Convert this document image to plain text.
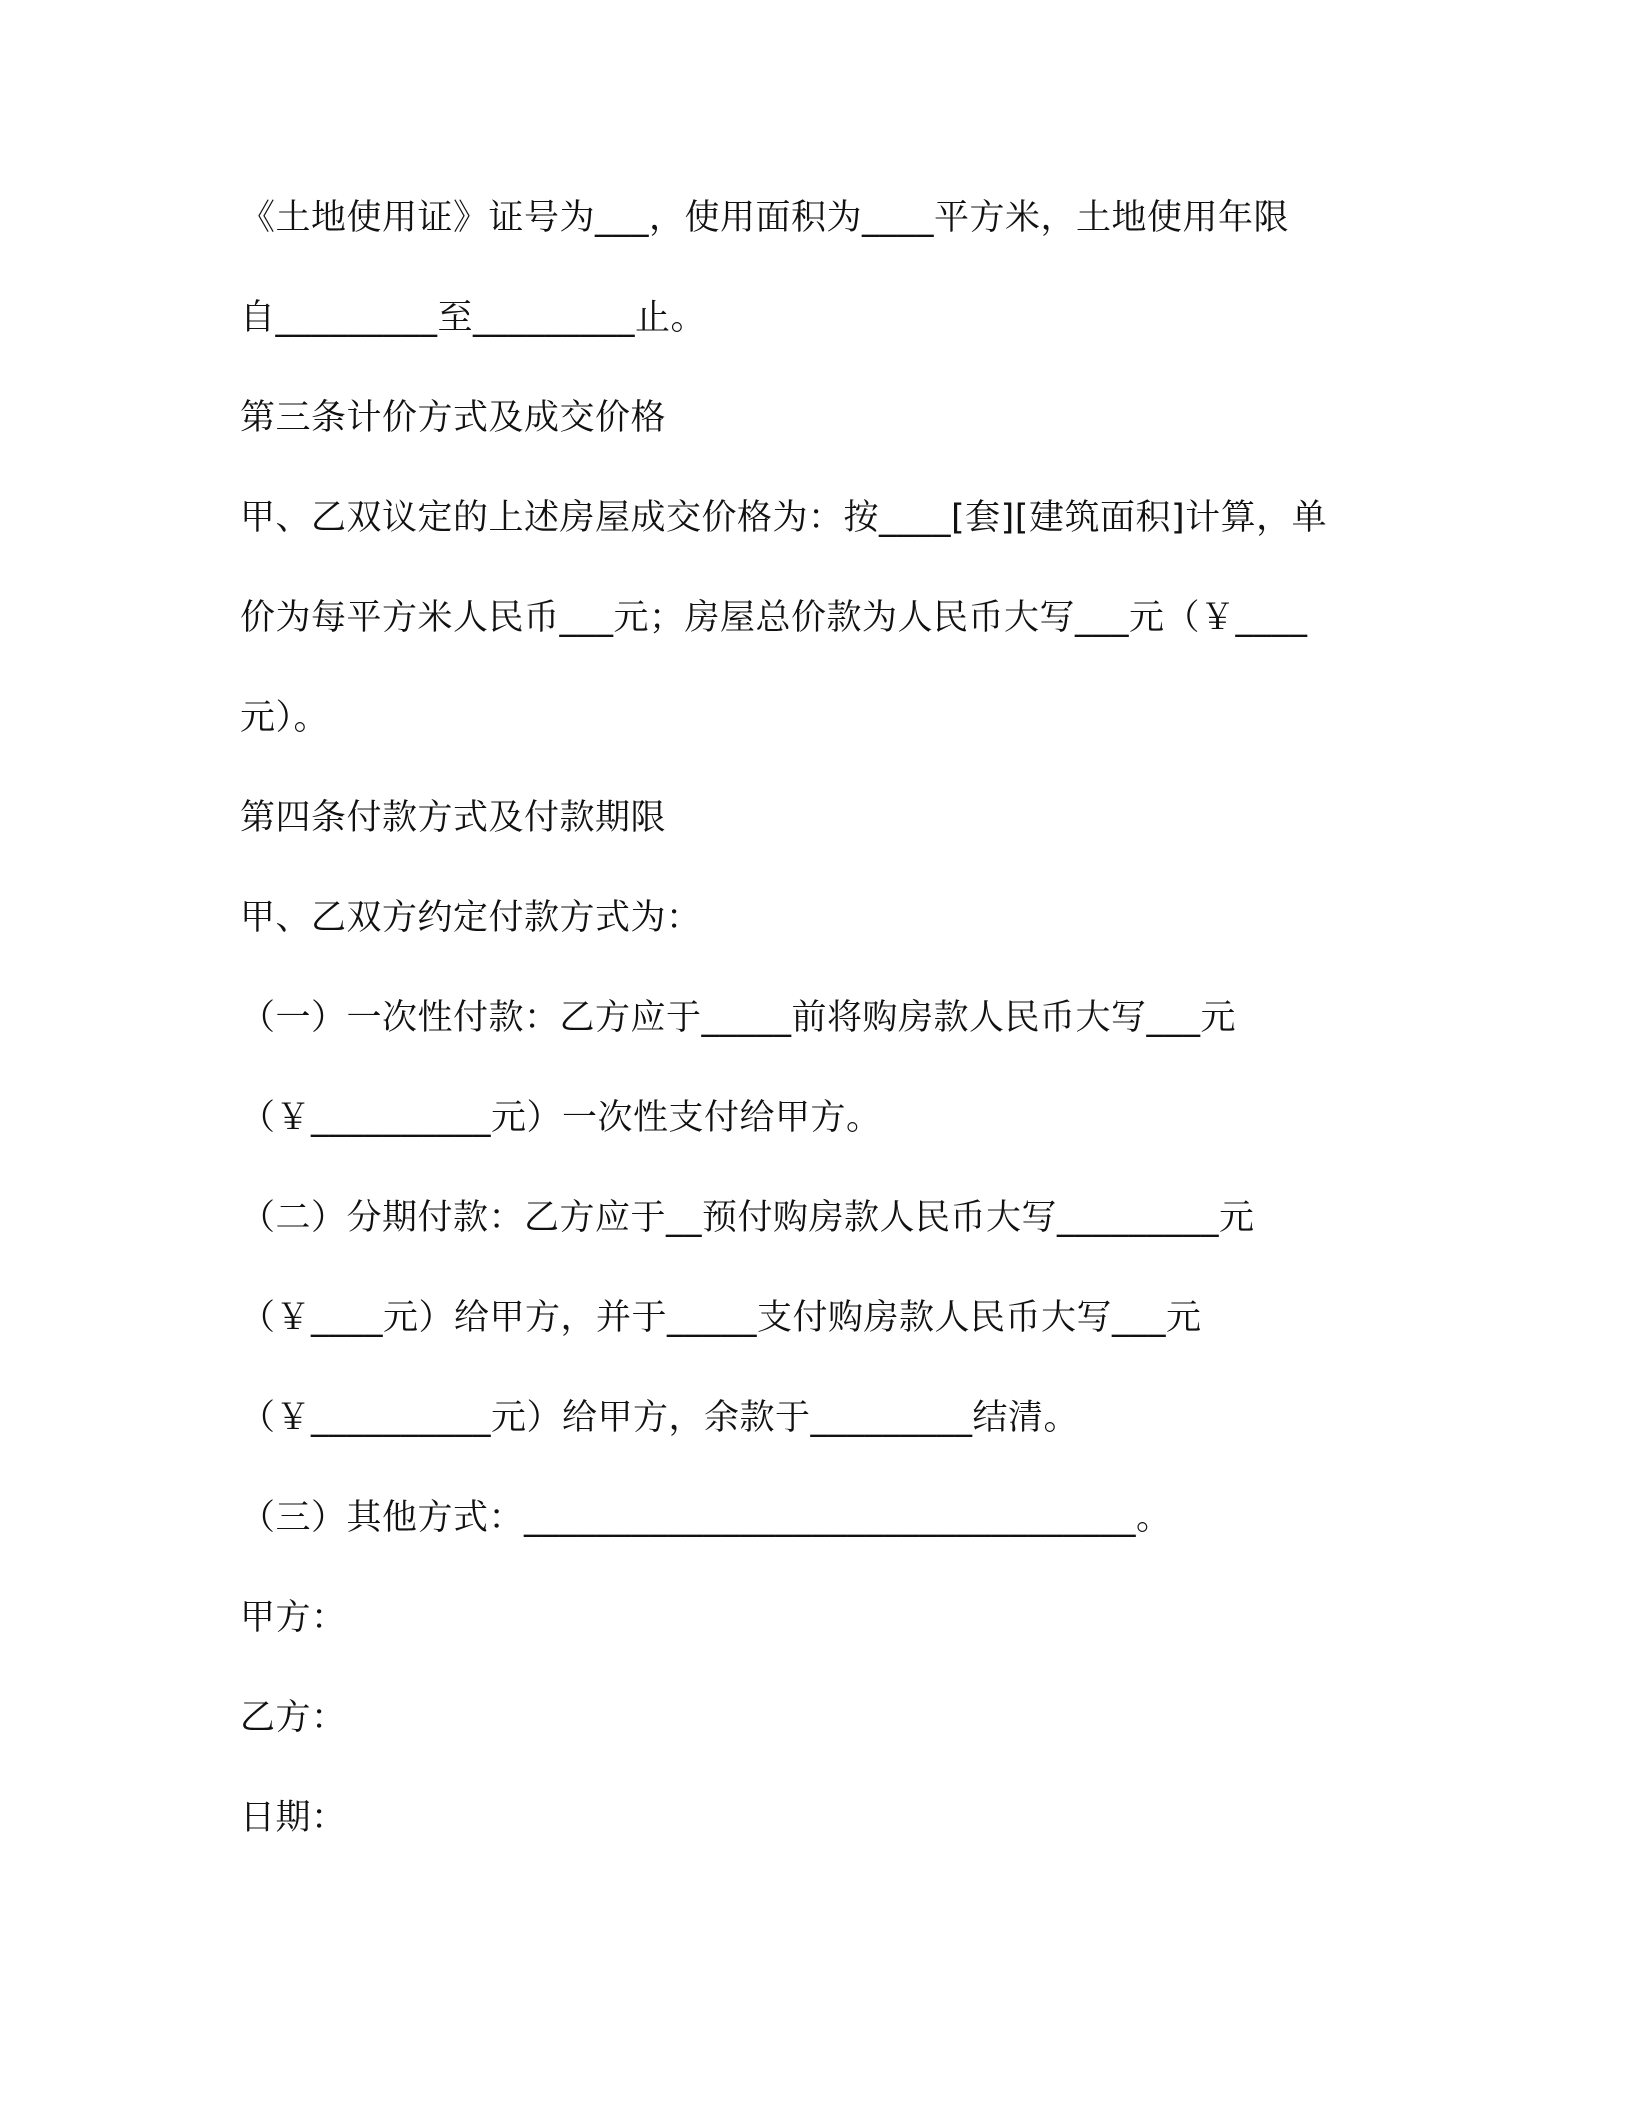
《土地使用证》证号为___，使用面积为____平方米，土地使用年限
自_________至_________止。
第三条计价方式及成交价格
甲、乙双议定的上述房屋成交价格为：按____[套][建筑面积]计算，单
价为每平方米人民币___元；房屋总价款为人民币大写___元（￥____
元）。
第四条付款方式及付款期限
甲、乙双方约定付款方式为：
（一）一次性付款：乙方应于_____前将购房款人民币大写___元
（￥__________元）一次性支付给甲方。
（二）分期付款：乙方应于__预付购房款人民币大写_________元
（￥____元）给甲方，并于_____支付购房款人民币大写___元
（￥__________元）给甲方，余款于_________结清。
（三）其他方式：__________________________________。
甲方：
乙方：
日期：
